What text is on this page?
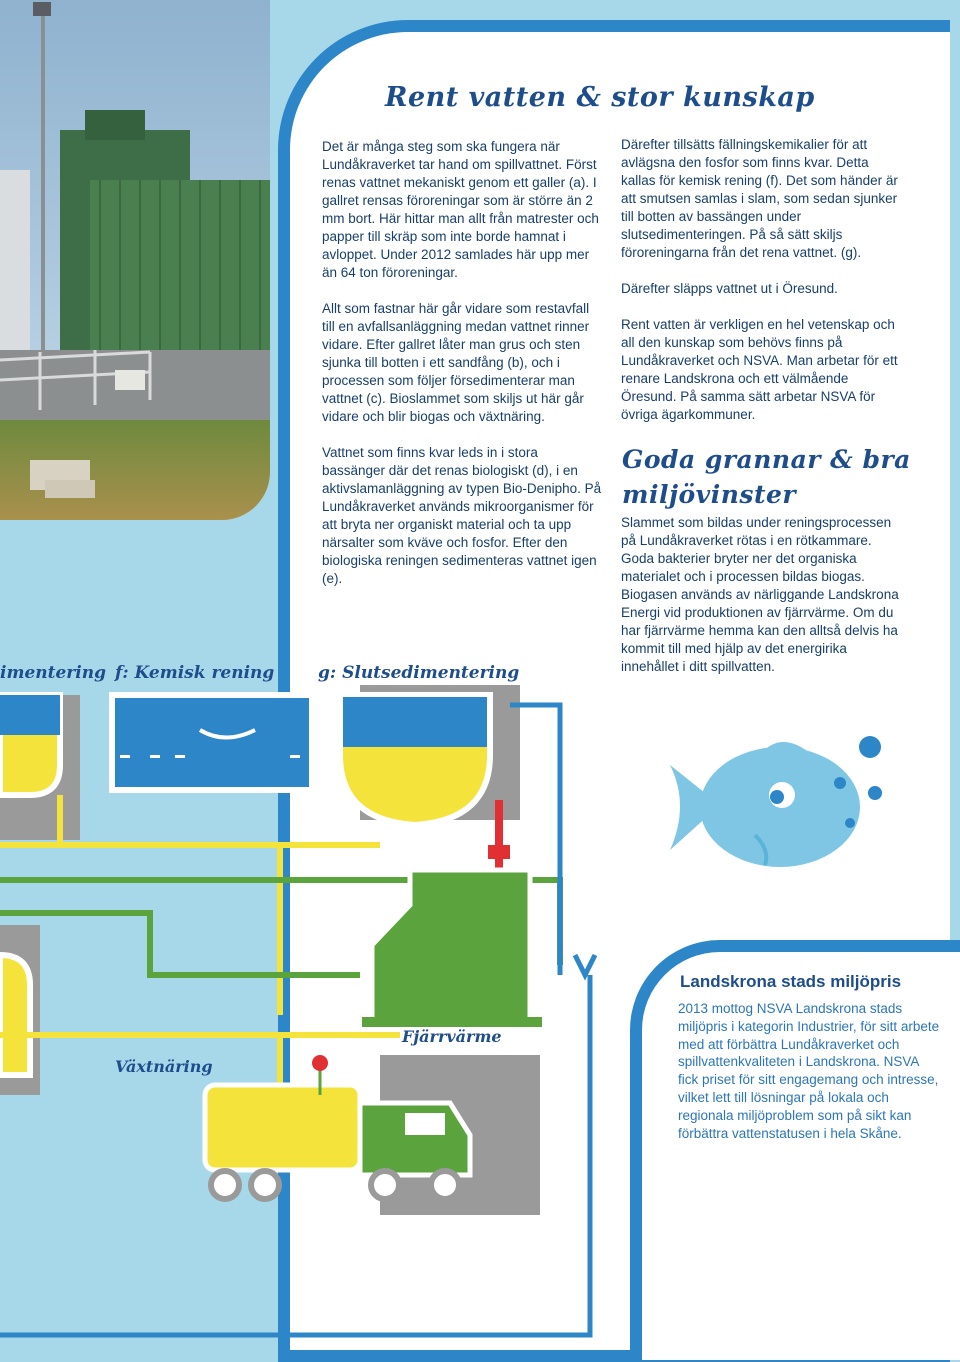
Rent vatten & stor kunskap

Det är många steg som ska fungera när Lundåkraverket tar hand om spillvattnet. Först renas vattnet mekaniskt genom ett galler (a). I gallret rensas föroreningar som är större än 2 mm bort. Här hittar man allt från matrester och papper till skräp som inte borde hamnat i avloppet. Under 2012 samlades här upp mer än 64 ton föroreningar.

Allt som fastnar här går vidare som restavfall till en avfallsanläggning medan vattnet rinner vidare. Efter gallret låter man grus och sten sjunka till botten i ett sandfång (b), och i processen som följer försedimenterar man vattnet (c). Bioslammet som skiljs ut här går vidare och blir biogas och växtnäring.

Vattnet som finns kvar leds in i stora bassänger där det renas biologiskt (d), i en aktivslamanläggning av typen Bio-Denipho. På Lundåkraverket används mikroorganismer för att bryta ner organiskt material och ta upp närsalter som kväve och fosfor. Efter den biologiska reningen sedimenteras vattnet igen (e).

Därefter tillsätts fällningskemikalier för att avlägsna den fosfor som finns kvar. Detta kallas för kemisk rening (f). Det som händer är att smutsen samlas i slam, som sedan sjunker till botten av bassängen under slutsedimenteringen. På så sätt skiljs föroreningarna från det rena vattnet. (g).

Därefter släpps vattnet ut i Öresund.

Rent vatten är verkligen en hel vetenskap och all den kunskap som behövs finns på Lundåkraverket och NSVA. Man arbetar för ett renare Landskrona och ett välmående Öresund. På samma sätt arbetar NSVA för övriga ägarkommuner.

Goda grannar & bra miljövinster

Slammet som bildas under reningsprocessen på Lundåkraverket rötas i en rötkammare. Goda bakterier bryter ner det organiska materialet och i processen bildas biogas. Biogasen används av närliggande Landskrona Energi vid produktionen av fjärrvärme. Om du har fjärrvärme hemma kan den alltså delvis ha kommit till med hjälp av det energirika innehållet i ditt spillvatten.

imentering f: Kemisk rening	g: Slutsedimentering
Växtnäring
Fjärrvärme
Landskrona stads miljöpris

2013 mottog NSVA Landskrona stads miljöpris i kategorin Industrier, för sitt arbete med att förbättra Lundåkraverket och spillvattenkvaliteten i Landskrona. NSVA fick priset för sitt engagemang och intresse, vilket lett till lösningar på lokala och regionala miljöproblem som på sikt kan förbättra vattenstatusen i hela Skåne.
